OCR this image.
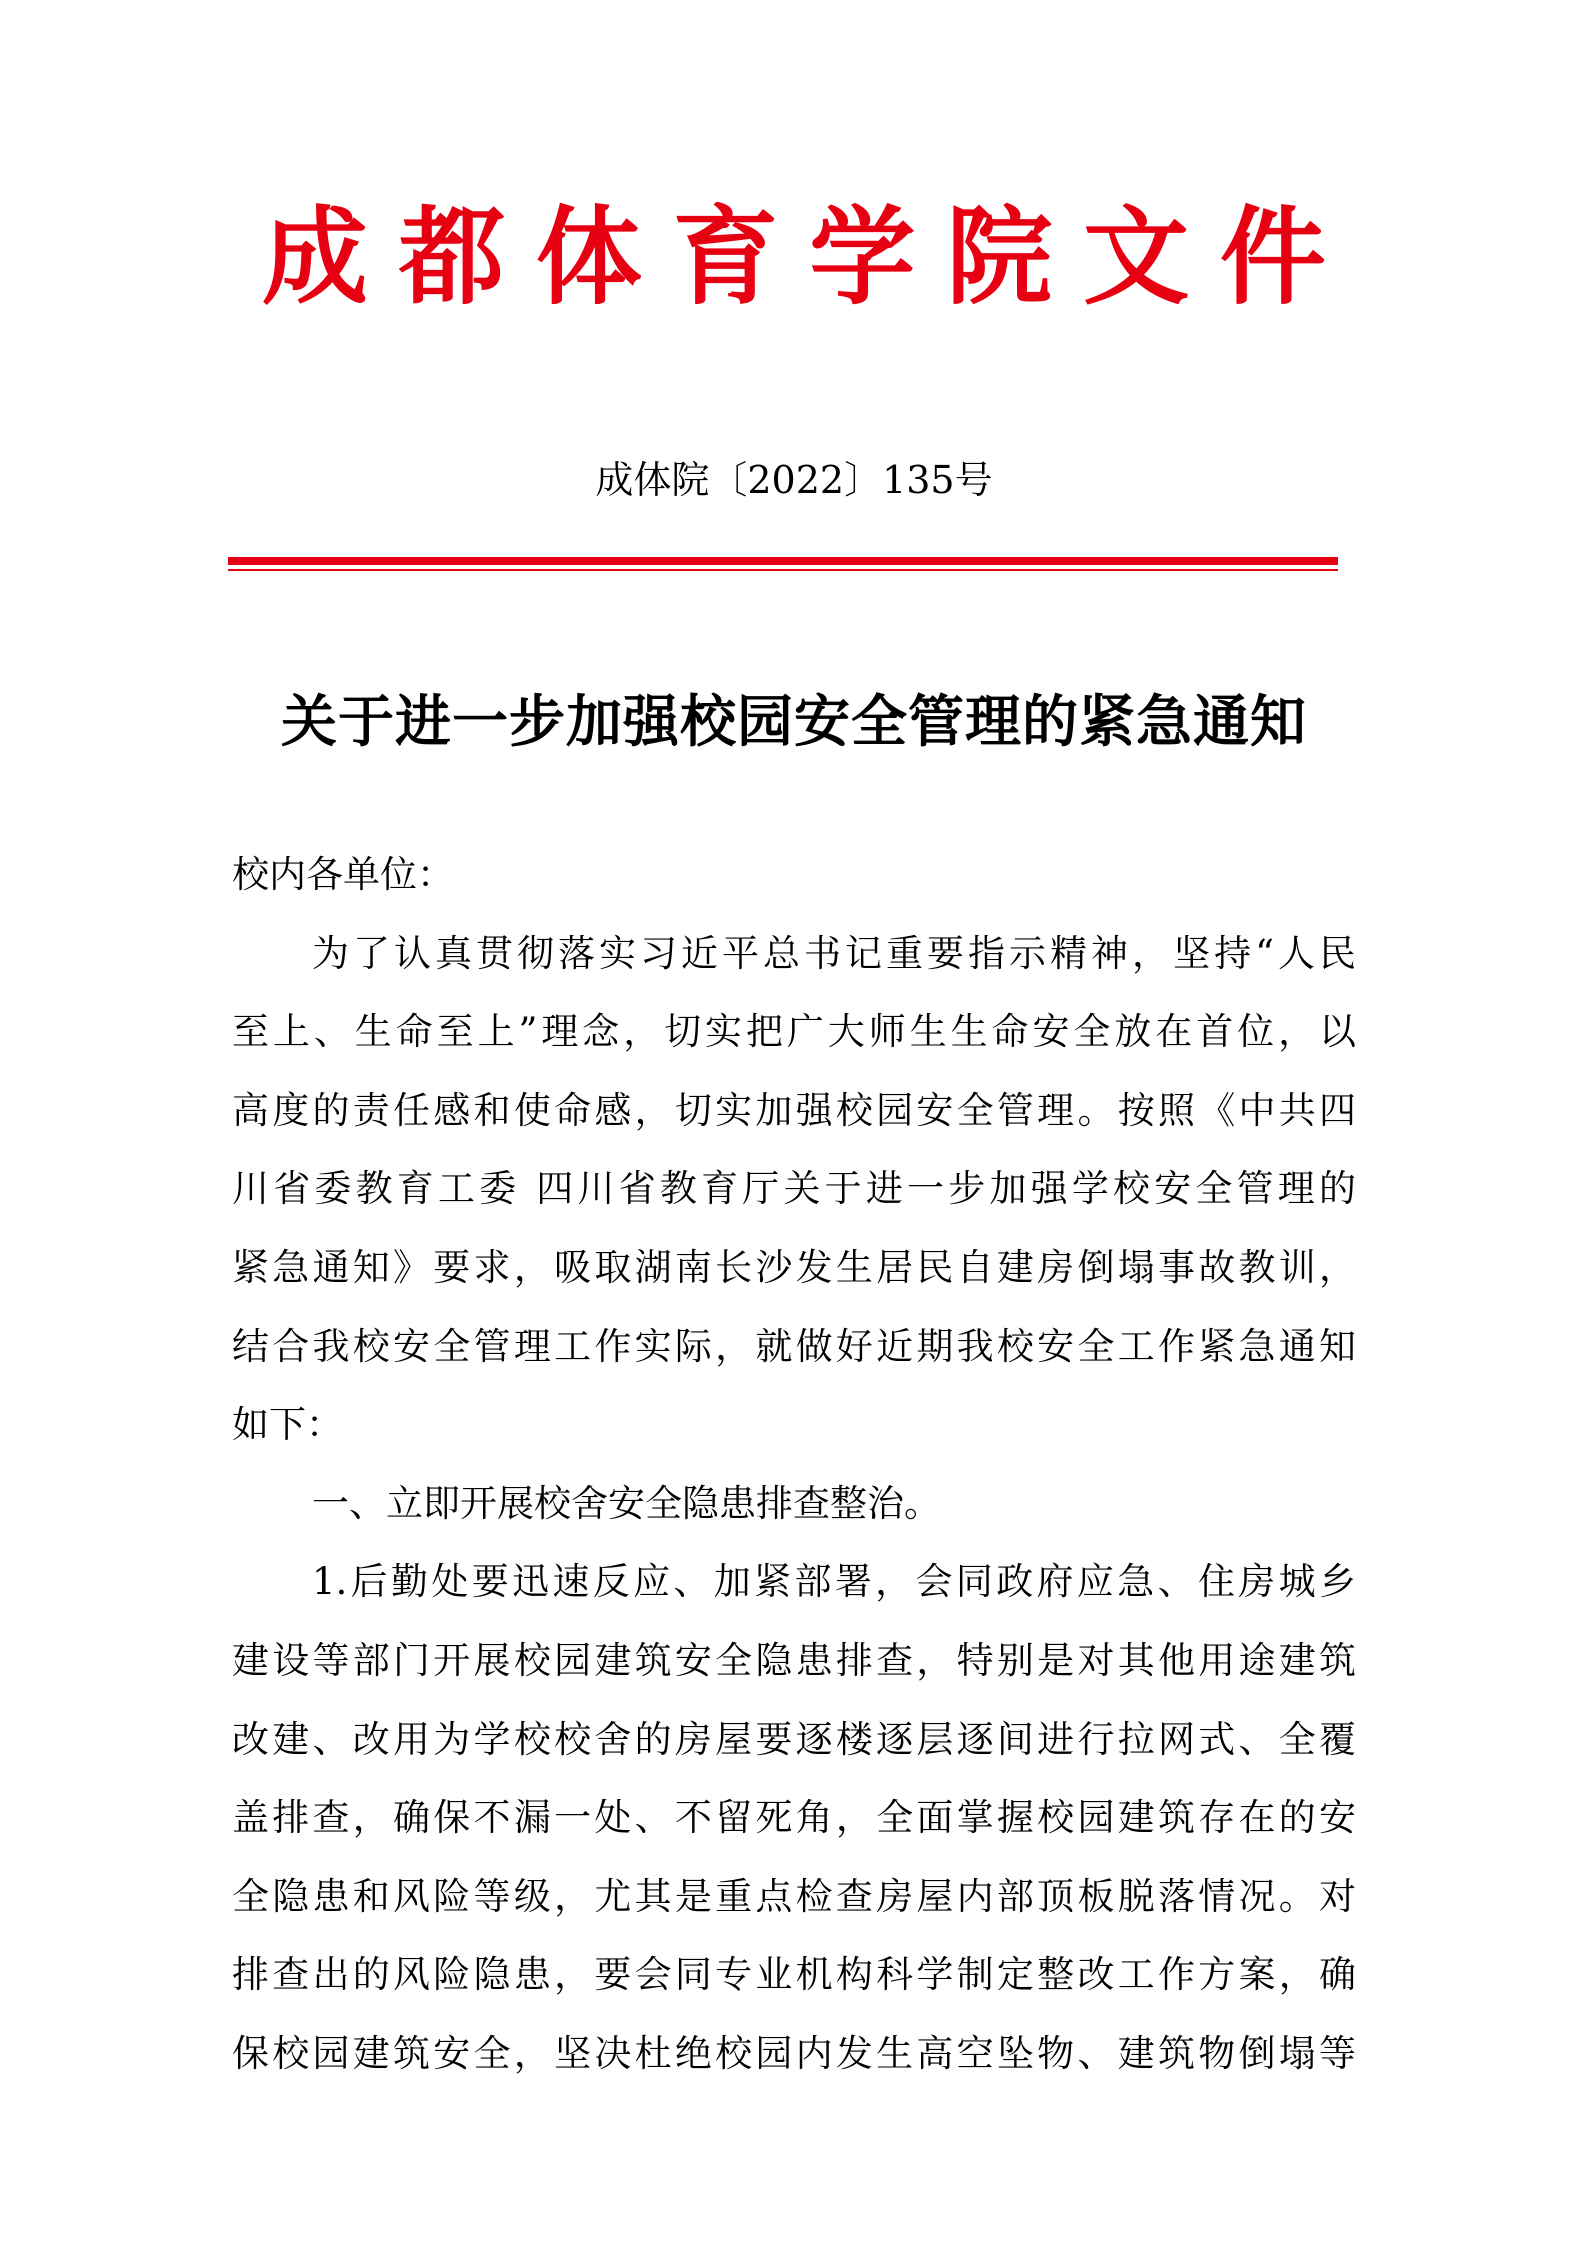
成 都 体 育 学 院 文 件
成体院〔2022〕135号
关于进一步加强校园安全管理的紧急通知
校内各单位：
为了认真贯彻落实习近平总书记重要指示精神，坚持“人民
至上、生命至上”理念，切实把广大师生生命安全放在首位，以
高度的责任感和使命感，切实加强校园安全管理。按照《中共四
川省委教育工委 四川省教育厅关于进一步加强学校安全管理的
紧急通知》要求，吸取湖南长沙发生居民自建房倒塌事故教训，
结合我校安全管理工作实际，就做好近期我校安全工作紧急通知
如下：
一、立即开展校舍安全隐患排查整治。
1.后勤处要迅速反应、加紧部署，会同政府应急、住房城乡
建设等部门开展校园建筑安全隐患排查，特别是对其他用途建筑
改建、改用为学校校舍的房屋要逐楼逐层逐间进行拉网式、全覆
盖排查，确保不漏一处、不留死角，全面掌握校园建筑存在的安
全隐患和风险等级，尤其是重点检查房屋内部顶板脱落情况。对
排查出的风险隐患，要会同专业机构科学制定整改工作方案，确
保校园建筑安全，坚决杜绝校园内发生高空坠物、建筑物倒塌等
